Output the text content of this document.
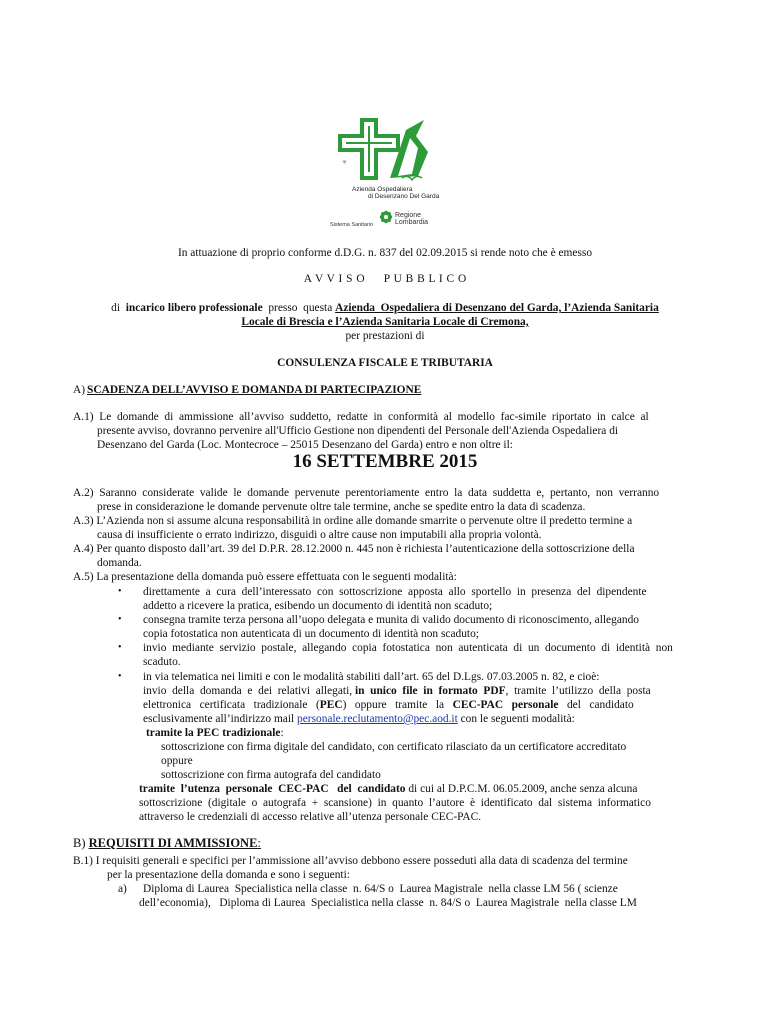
✳
Azienda Ospedaliera
di Desenzano Del Garda
Sistema Sanitario
Regione
Lombardia
In attuazione di proprio conforme d.D.G. n. 837 del 02.09.2015 si rende noto che è emesso
A V V I S O     P U B B L I C O
di incarico libero professionale presso  questa Azienda  Ospedaliera di Desenzano del Garda, l’Azienda Sanitaria
Locale di Brescia e l’Azienda Sanitaria Locale di Cremona,
per prestazioni di
CONSULENZA FISCALE E TRIBUTARIA
A) SCADENZA DELL’AVVISO E DOMANDA DI PARTECIPAZIONE
A.1)  Le  domande  di  ammissione  all’avviso  suddetto,  redatte  in  conformità  al  modello  fac-simile  riportato  in  calce  al
presente avviso, dovranno pervenire all'Ufficio Gestione non dipendenti del Personale dell'Azienda Ospedaliera di
Desenzano del Garda (Loc. Montecroce – 25015 Desenzano del Garda) entro e non oltre il:
16 SETTEMBRE 2015
A.2)  Saranno  considerate  valide  le  domande  pervenute  perentoriamente  entro  la  data  suddetta  e,  pertanto,  non  verranno
prese in considerazione le domande pervenute oltre tale termine, anche se spedite entro la data di scadenza.
A.3) L’Azienda non si assume alcuna responsabilità in ordine alle domande smarrite o pervenute oltre il predetto termine a
causa di insufficiente o errato indirizzo, disguidi o altre cause non imputabili alla propria volontà.
A.4) Per quanto disposto dall’art. 39 del D.P.R. 28.12.2000 n. 445 non è richiesta l’autenticazione della sottoscrizione della
domanda.
A.5) La presentazione della domanda può essere effettuata con le seguenti modalità:
• direttamente  a  cura  dell’interessato  con  sottoscrizione  apposta  allo  sportello  in  presenza  del  dipendente
addetto a ricevere la pratica, esibendo un documento di identità non scaduto;
• consegna tramite terza persona all’uopo delegata e munita di valido documento di riconoscimento, allegando
copia fotostatica non autenticata di un documento di identità non scaduto;
• invio  mediante  servizio  postale,  allegando  copia  fotostatica  non  autenticata  di  un  documento  di  identità  non
scaduto.
• in via telematica nei limiti e con le modalità stabiliti dall’art. 65 del D.Lgs. 07.03.2005 n. 82, e cioè:
invio  della  domanda  e  dei  relativi  allegati, in  unico  file  in  formato  PDF,  tramite  l’utilizzo  della  posta
elettronica   certificata   tradizionale   (PEC)   oppure   tramite   la CEC-PAC   personale del   candidato
esclusivamente all’indirizzo mail personale.reclutamento@pec.aod.it con le seguenti modalità:
tramite la PEC tradizionale:
sottoscrizione con firma digitale del candidato, con certificato rilasciato da un certificatore accreditato
oppure
sottoscrizione con firma autografa del candidato
tramite  l’utenza  personale  CEC-PAC   del  candidato di cui al D.P.C.M. 06.05.2009, anche senza alcuna
sottoscrizione  (digitale  o  autografa  +  scansione)  in  quanto  l’autore  è  identificato  dal  sistema  informatico
attraverso le credenziali di accesso relative all’utenza personale CEC-PAC.
B) REQUISITI DI AMMISSIONE:
B.1) I requisiti generali e specifici per l’ammissione all’avviso debbono essere posseduti alla data di scadenza del termine
per la presentazione della domanda e sono i seguenti:
a) Diploma di Laurea  Specialistica nella classe  n. 64/S o  Laurea Magistrale  nella classe LM 56 ( scienze
dell’economia),   Diploma di Laurea  Specialistica nella classe  n. 84/S o  Laurea Magistrale  nella classe LM
